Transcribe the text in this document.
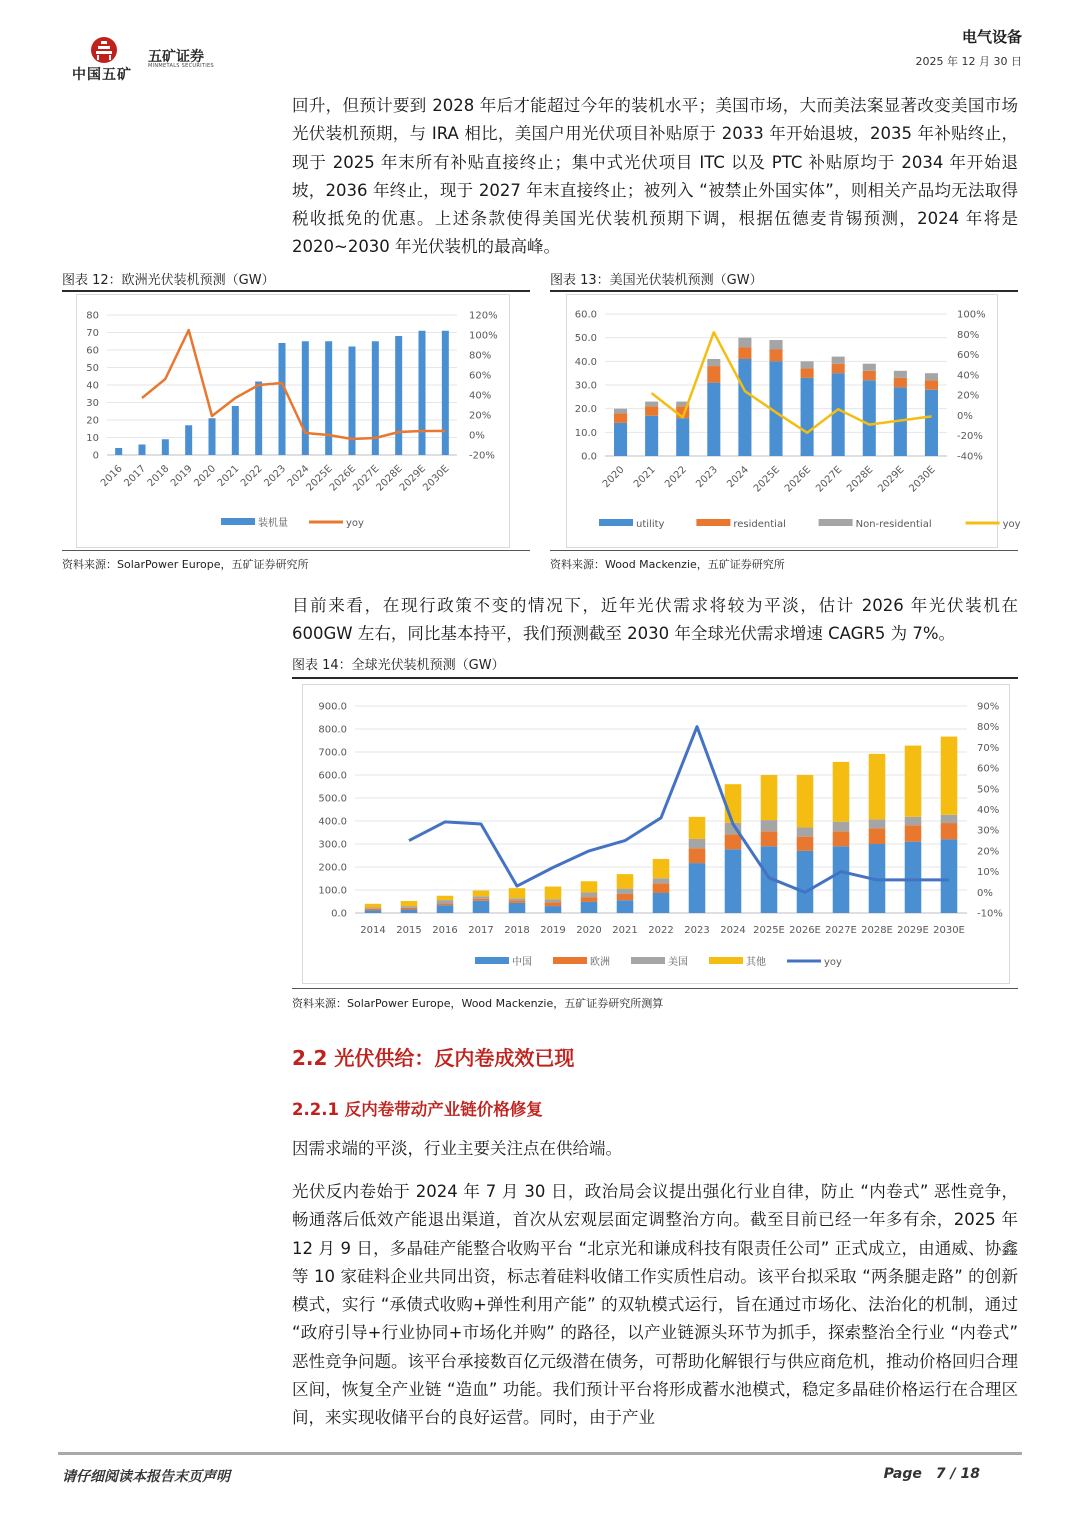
中国五矿
五矿证券
MINMETALS SECURITIES
电气设备
2025 年 12 月 30 日

回升，但预计要到 2028 年后才能超过今年的装机水平；美国市场，大而美法案显著改变美国市场光伏装机预期，与 IRA 相比，美国户用光伏项目补贴原于 2033 年开始退坡，2035 年补贴终止，现于 2025 年末所有补贴直接终止；集中式光伏项目 ITC 以及 PTC 补贴原均于 2034 年开始退坡，2036 年终止，现于 2027 年末直接终止；被列入 “被禁止外国实体”，则相关产品均无法取得税收抵免的优惠。上述条款使得美国光伏装机预期下调，根据伍德麦肯锡预测，2024 年将是 2020~2030 年光伏装机的最高峰。

图表 12：欧洲光伏装机预测（GW）
0
10
20
30
40
50
60
70
80
-20%
0%
20%
40%
60%
80%
100%
120%
2016
2017
2018
2019
2020
2021
2022
2023
2024
2025E
2026E
2027E
2028E
2029E
2030E
装机量	yoy
资料来源：SolarPower Europe，五矿证券研究所
图表 13：美国光伏装机预测（GW）
0.0
10.0
20.0
30.0
40.0
50.0
60.0
-40%
-20%
0%
20%
40%
60%
80%
100%
2020 2021 2022 2023 2024 2025E 2026E 2027E 2028E 2029E 2030E
utility	residential	Non-residential	yoy
资料来源：Wood Mackenzie，五矿证券研究所

目前来看，在现行政策不变的情况下，近年光伏需求将较为平淡，估计 2026 年光伏装机在 600GW 左右，同比基本持平，我们预测截至 2030 年全球光伏需求增速 CAGR5 为 7%。

图表 14：全球光伏装机预测（GW）
0.0
100.0
200.0
300.0
400.0
500.0
600.0
700.0
800.0
900.0
-10%
0%
10%
20%
30%
40%
50%
60%
70%
80%
90%
2014 2015 2016 2017 2018 2019 2020 2021 2022 2023 2024 2025E 2026E 2027E 2028E 2029E 2030E
中国	欧洲	美国	其他	yoy
资料来源：SolarPower Europe，Wood Mackenzie，五矿证券研究所测算
2.2 光伏供给：反内卷成效已现
2.2.1 反内卷带动产业链价格修复

因需求端的平淡，行业主要关注点在供给端。

光伏反内卷始于 2024 年 7 月 30 日，政治局会议提出强化行业自律，防止 “内卷式” 恶性竞争，畅通落后低效产能退出渠道，首次从宏观层面定调整治方向。截至目前已经一年多有余，2025 年 12 月 9 日，多晶硅产能整合收购平台 “北京光和谦成科技有限责任公司” 正式成立，由通威、协鑫等 10 家硅料企业共同出资，标志着硅料收储工作实质性启动。该平台拟采取 “两条腿走路” 的创新模式，实行 “承债式收购+弹性利用产能” 的双轨模式运行，旨在通过市场化、法治化的机制，通过 “政府引导+行业协同+市场化并购” 的路径，以产业链源头环节为抓手，探索整治全行业 “内卷式” 恶性竞争问题。该平台承接数百亿元级潜在债务，可帮助化解银行与供应商危机，推动价格回归合理区间，恢复全产业链 “造血” 功能。我们预计平台将形成蓄水池模式，稳定多晶硅价格运行在合理区间，来实现收储平台的良好运营。同时，由于产业

请仔细阅读本报告末页声明	Page 7 / 18
